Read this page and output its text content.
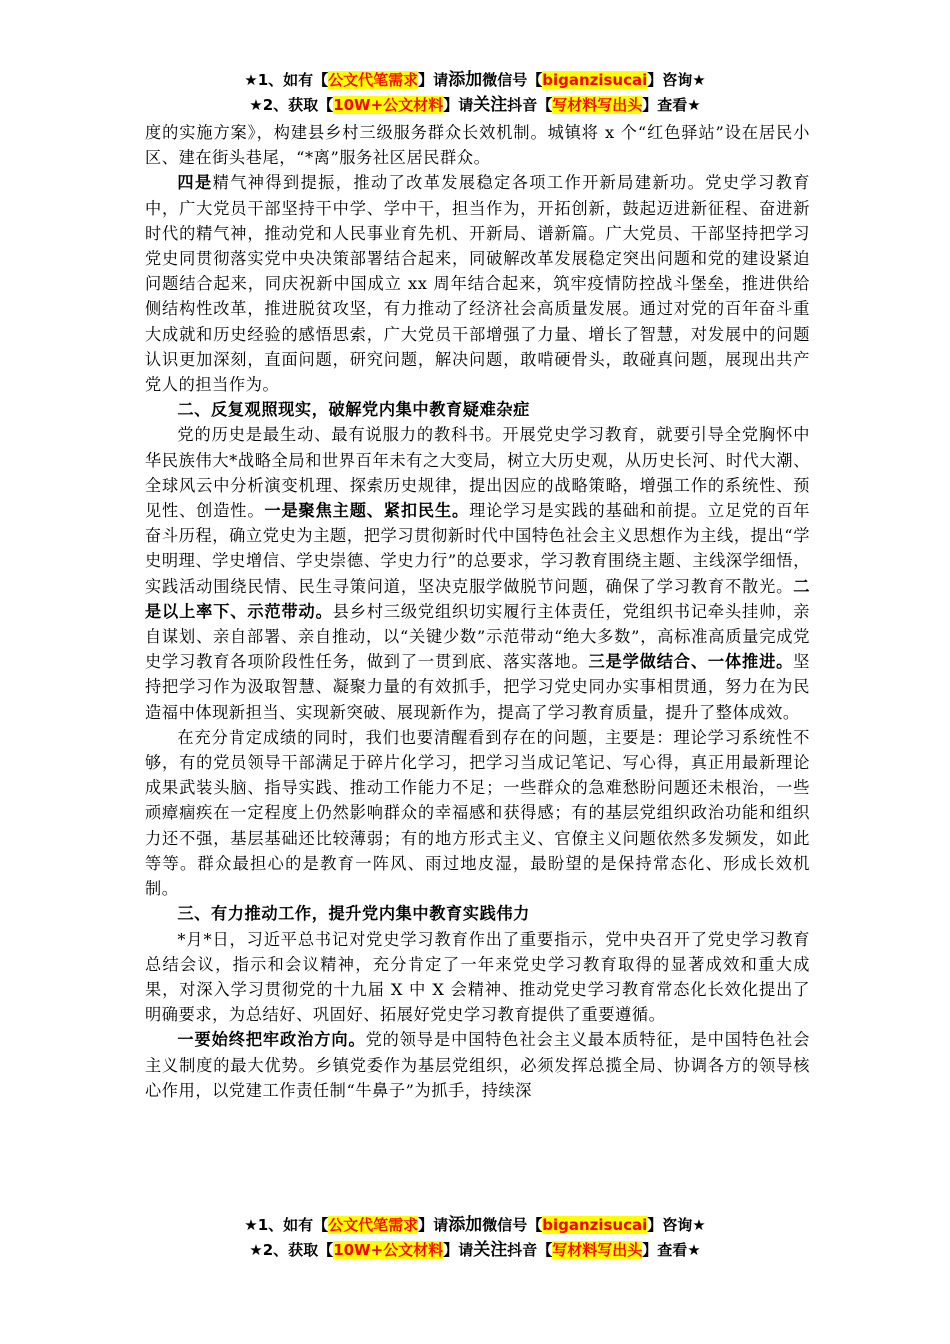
★1、如有【公文代笔需求】请添加微信号【biganzisucai】咨询★
★2、获取【10W+公文材料】请关注抖音【写材料写出头】查看★

度的实施方案》，构建县乡村三级服务群众长效机制。城镇将 x 个“红色驿站”设在居民小区、建在街头巷尾，“*离”服务社区居民群众。

四是精气神得到提振，推动了改革发展稳定各项工作开新局建新功。党史学习教育中，广大党员干部坚持干中学、学中干，担当作为，开拓创新，鼓起迈进新征程、奋进新时代的精气神，推动党和人民事业育先机、开新局、谱新篇。广大党员、干部坚持把学习党史同贯彻落实党中央决策部署结合起来，同破解改革发展稳定突出问题和党的建设紧迫问题结合起来，同庆祝新中国成立 xx 周年结合起来，筑牢疫情防控战斗堡垒，推进供给侧结构性改革，推进脱贫攻坚，有力推动了经济社会高质量发展。通过对党的百年奋斗重大成就和历史经验的感悟思索，广大党员干部增强了力量、增长了智慧，对发展中的问题认识更加深刻，直面问题，研究问题，解决问题，敢啃硬骨头，敢碰真问题，展现出共产党人的担当作为。

二、反复观照现实，破解党内集中教育疑难杂症

党的历史是最生动、最有说服力的教科书。开展党史学习教育，就要引导全党胸怀中华民族伟大*战略全局和世界百年未有之大变局，树立大历史观，从历史长河、时代大潮、全球风云中分析演变机理、探索历史规律，提出因应的战略策略，增强工作的系统性、预见性、创造性。一是聚焦主题、紧扣民生。理论学习是实践的基础和前提。立足党的百年奋斗历程，确立党史为主题，把学习贯彻新时代中国特色社会主义思想作为主线，提出“学史明理、学史增信、学史崇德、学史力行”的总要求，学习教育围绕主题、主线深学细悟，实践活动围绕民情、民生寻策问道，坚决克服学做脱节问题，确保了学习教育不散光。二是以上率下、示范带动。县乡村三级党组织切实履行主体责任，党组织书记牵头挂帅，亲自谋划、亲自部署、亲自推动，以“关键少数”示范带动“绝大多数”，高标准高质量完成党史学习教育各项阶段性任务，做到了一贯到底、落实落地。三是学做结合、一体推进。坚持把学习作为汲取智慧、凝聚力量的有效抓手，把学习党史同办实事相贯通，努力在为民造福中体现新担当、实现新突破、展现新作为，提高了学习教育质量，提升了整体成效。

在充分肯定成绩的同时，我们也要清醒看到存在的问题，主要是：理论学习系统性不够，有的党员领导干部满足于碎片化学习，把学习当成记笔记、写心得，真正用最新理论成果武装头脑、指导实践、推动工作能力不足；一些群众的急难愁盼问题还未根治，一些顽瘴痼疾在一定程度上仍然影响群众的幸福感和获得感；有的基层党组织政治功能和组织力还不强，基层基础还比较薄弱；有的地方形式主义、官僚主义问题依然多发频发，如此等等。群众最担心的是教育一阵风、雨过地皮湿，最盼望的是保持常态化、形成长效机制。

三、有力推动工作，提升党内集中教育实践伟力

*月*日，习近平总书记对党史学习教育作出了重要指示，党中央召开了党史学习教育总结会议，指示和会议精神，充分肯定了一年来党史学习教育取得的显著成效和重大成果，对深入学习贯彻党的十九届 X 中 X 会精神、推动党史学习教育常态化长效化提出了明确要求，为总结好、巩固好、拓展好党史学习教育提供了重要遵循。

一要始终把牢政治方向。党的领导是中国特色社会主义最本质特征，是中国特色社会主义制度的最大优势。乡镇党委作为基层党组织，必须发挥总揽全局、协调各方的领导核心作用，以党建工作责任制“牛鼻子”为抓手，持续深

★1、如有【公文代笔需求】请添加微信号【biganzisucai】咨询★
★2、获取【10W+公文材料】请关注抖音【写材料写出头】查看★
